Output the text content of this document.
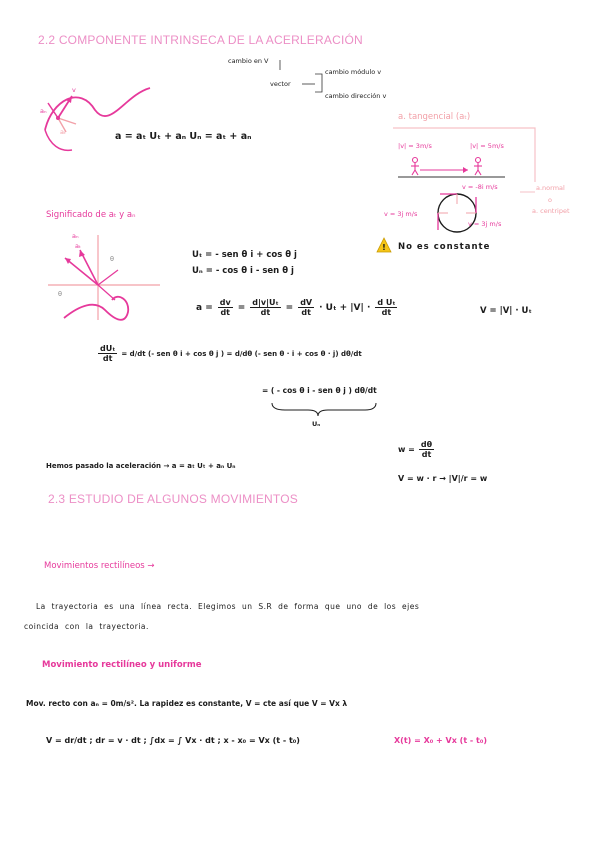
!
2.2 COMPONENTE INTRINSECA DE LA ACERLERACIÓN
cambio en V
vector
cambio módulo v
cambio dirección v
aₙ
v
aₜ	a = aₜ Uₜ + aₙ Uₙ = aₜ + aₙ
a. tangencial (aₜ)
|v| = 3m/s	|v| = 5m/s
v = -8i m/s
v = 3j m/s
v = 3j m/s
a.normal
o
a. centripet
No es constante
Significado de aₜ y aₙ
aₙ
aₜ
θ
θ
Uₜ = - sen θ i + cos θ j
Uₙ = - cos θ i - sen θ j
$a = \frac{dv}{dt} = \frac{\text{d|v|Uₜ}}{dt} = \frac{dV}{dt} \cdot U_t + |V| \cdot \frac{\text{d Uₜ}}{dt}$	V = |V| · Uₜ
$\frac{\text{dUₜ}}{dt} = d/dt$ (- sen θ i + cos θ j ) = d/dθ (- sen θ · i + cos θ · j) dθ/dt
= ( - cos θ i - sen θ j ) dθ/dt
Uₙ
$w = \frac{d\theta}{dt}$
V = w · r → |V|/r = w
Hemos pasado la aceleración → a = aₜ Uₜ + aₙ Uₙ
2.3 ESTUDIO DE ALGUNOS MOVIMIENTOS
Movimientos rectilíneos →
La trayectoria es una línea recta. Elegimos un S.R de forma que uno de los ejes
coincida con la trayectoria.
Movimiento rectilíneo y uniforme
Mov. recto con aₙ = 0m/s². La rapidez es constante, V = cte así que V = Vx λ
V = dr/dt ; dr = v · dt ; ∫dx = ∫ Vx · dt ; x - x₀ = Vx (t - t₀)	X(t) = X₀ + Vx (t - t₀)
